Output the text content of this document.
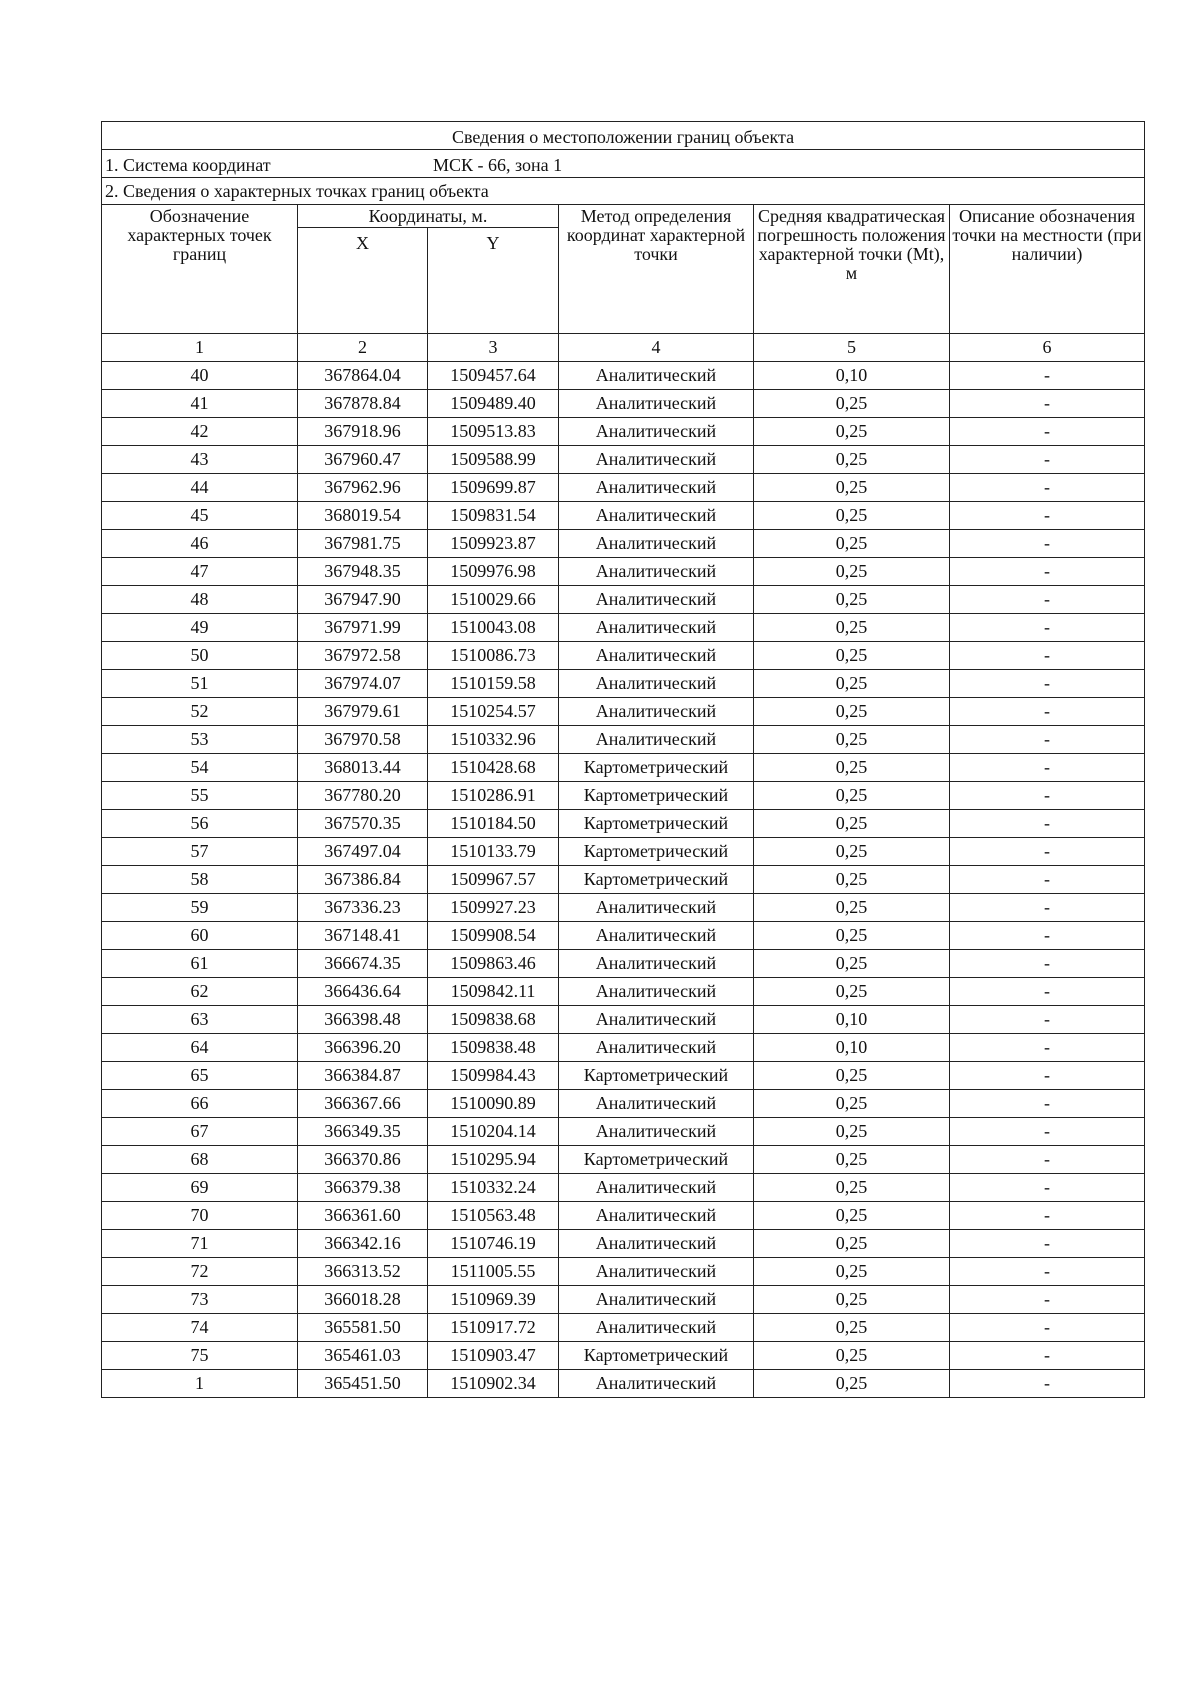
Сведения о местоположении границ объекта					

1. Система координат МСК - 66, зона 1					

2. Сведения о характерных точках границ объекта					
Обозначение характерных точек границ	Координаты, м.		Метод определения координат характерной точки	Средняя квадратическая погрешность положения характерной точки (Mt), м	Описание обозначения точки на местности (при наличии)
	X	Y			
1	2	3	4	5	6
40	367864.04	1509457.64	Аналитический	0,10	-
41	367878.84	1509489.40	Аналитический	0,25	-
42	367918.96	1509513.83	Аналитический	0,25	-
43	367960.47	1509588.99	Аналитический	0,25	-
44	367962.96	1509699.87	Аналитический	0,25	-
45	368019.54	1509831.54	Аналитический	0,25	-
46	367981.75	1509923.87	Аналитический	0,25	-
47	367948.35	1509976.98	Аналитический	0,25	-
48	367947.90	1510029.66	Аналитический	0,25	-
49	367971.99	1510043.08	Аналитический	0,25	-
50	367972.58	1510086.73	Аналитический	0,25	-
51	367974.07	1510159.58	Аналитический	0,25	-
52	367979.61	1510254.57	Аналитический	0,25	-
53	367970.58	1510332.96	Аналитический	0,25	-
54	368013.44	1510428.68	Картометрический	0,25	-
55	367780.20	1510286.91	Картометрический	0,25	-
56	367570.35	1510184.50	Картометрический	0,25	-
57	367497.04	1510133.79	Картометрический	0,25	-
58	367386.84	1509967.57	Картометрический	0,25	-
59	367336.23	1509927.23	Аналитический	0,25	-
60	367148.41	1509908.54	Аналитический	0,25	-
61	366674.35	1509863.46	Аналитический	0,25	-
62	366436.64	1509842.11	Аналитический	0,25	-
63	366398.48	1509838.68	Аналитический	0,10	-
64	366396.20	1509838.48	Аналитический	0,10	-
65	366384.87	1509984.43	Картометрический	0,25	-
66	366367.66	1510090.89	Аналитический	0,25	-
67	366349.35	1510204.14	Аналитический	0,25	-
68	366370.86	1510295.94	Картометрический	0,25	-
69	366379.38	1510332.24	Аналитический	0,25	-
70	366361.60	1510563.48	Аналитический	0,25	-
71	366342.16	1510746.19	Аналитический	0,25	-
72	366313.52	1511005.55	Аналитический	0,25	-
73	366018.28	1510969.39	Аналитический	0,25	-
74	365581.50	1510917.72	Аналитический	0,25	-
75	365461.03	1510903.47	Картометрический	0,25	-
1	365451.50	1510902.34	Аналитический	0,25	-
